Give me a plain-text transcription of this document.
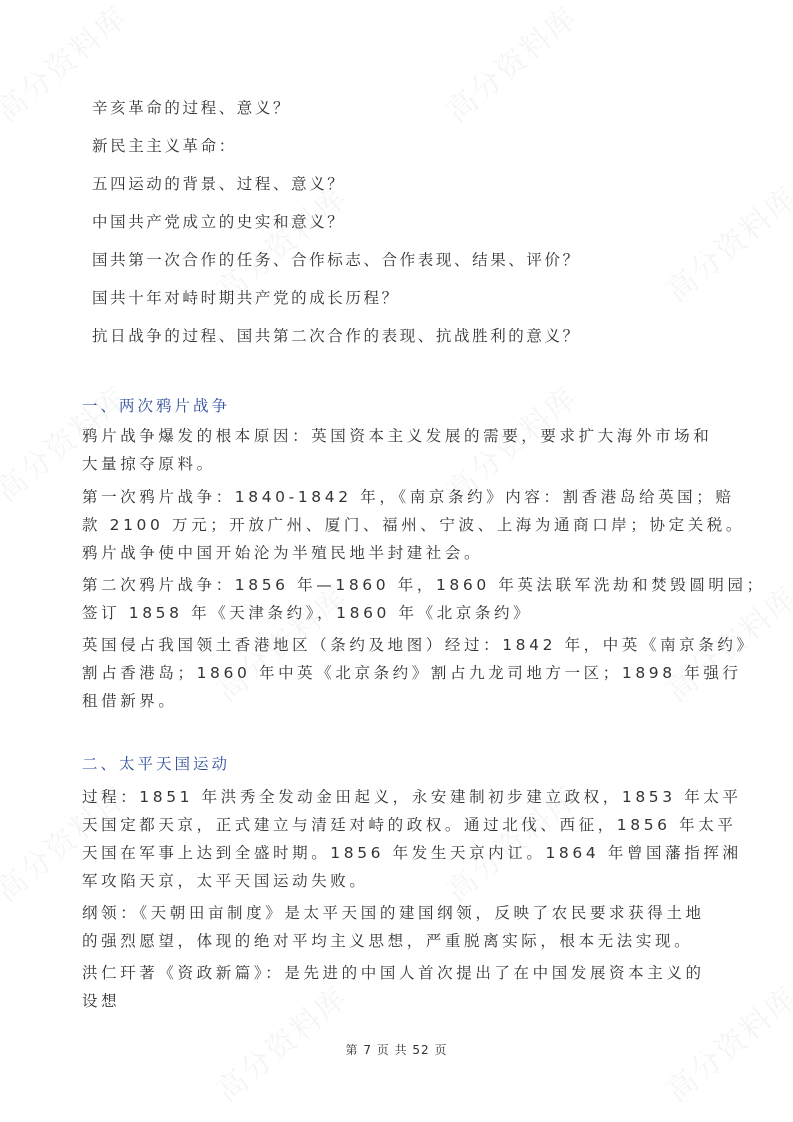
辛亥革命的过程、意义？
新民主主义革命：
五四运动的背景、过程、意义？
中国共产党成立的史实和意义？
国共第一次合作的任务、合作标志、合作表现、结果、评价？
国共十年对峙时期共产党的成长历程？
抗日战争的过程、国共第二次合作的表现、抗战胜利的意义？
一、两次鸦片战争
鸦片战争爆发的根本原因：英国资本主义发展的需要，要求扩大海外市场和
大量掠夺原料。
第一次鸦片战争：1840-1842 年，《南京条约》内容：割香港岛给英国；赔
款 2100 万元；开放广州、厦门、福州、宁波、上海为通商口岸；协定关税。
鸦片战争使中国开始沦为半殖民地半封建社会。
第二次鸦片战争：1856 年—1860 年，1860 年英法联军洗劫和焚毁圆明园；
签订 1858 年《天津条约》，1860 年《北京条约》
英国侵占我国领土香港地区（条约及地图）经过：1842 年，中英《南京条约》
割占香港岛；1860 年中英《北京条约》割占九龙司地方一区；1898 年强行
租借新界。
二、太平天国运动
过程：1851 年洪秀全发动金田起义，永安建制初步建立政权，1853 年太平
天国定都天京，正式建立与清廷对峙的政权。通过北伐、西征，1856 年太平
天国在军事上达到全盛时期。1856 年发生天京内讧。1864 年曾国藩指挥湘
军攻陷天京，太平天国运动失败。
纲领：《天朝田亩制度》是太平天国的建国纲领，反映了农民要求获得土地
的强烈愿望，体现的绝对平均主义思想，严重脱离实际，根本无法实现。
洪仁玕著《资政新篇》：是先进的中国人首次提出了在中国发展资本主义的
设想
第 7 页 共 52 页
